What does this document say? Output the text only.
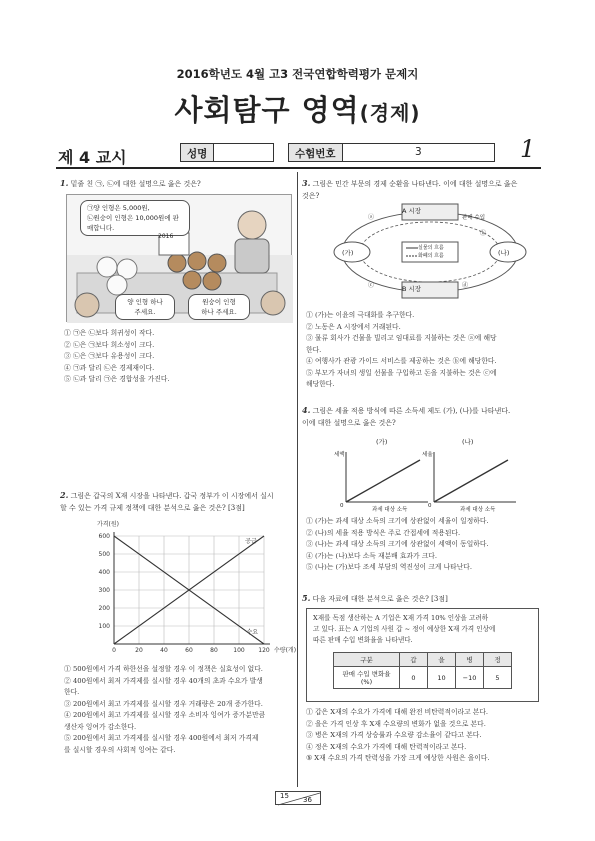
2016학년도 4월 고3 전국연합학력평가 문제지
사회탐구 영역(경제)
제 4 교시	성명	수험번호	3	1
1. 밑줄 친 ㉠, ㉡에 대한 설명으로 옳은 것은?
㉠양 인형은 5,000원,
㉡원숭이 인형은 10,000원에 판매합니다.
2016
양 인형 하나
주세요.
원숭이 인형
하나 주세요.
① ㉠은 ㉡보다 희귀성이 작다.
② ㉡은 ㉠보다 희소성이 크다.
③ ㉡은 ㉠보다 유용성이 크다.
④ ㉠과 달리 ㉡은 경제재이다.
⑤ ㉡과 달리 ㉠은 경합성을 가진다.
2. 그림은 갑국의 X재 시장을 나타낸다. 갑국 정부가 이 시장에서 실시
할 수 있는 가격 규제 정책에 대한 분석으로 옳은 것은? [3점]
100
200
300
400
500
600
0	20	40	60	80	100 120
가격(원)
수량(개)
공급
수요
① 500원에서 가격 하한선을 설정할 경우 이 정책은 실효성이 없다.
② 400원에서 최저 가격제를 실시할 경우 40개의 초과 수요가 발생
한다.
③ 200원에서 최고 가격제를 실시할 경우 거래량은 20개 증가한다.
④ 200원에서 최고 가격제를 실시할 경우 소비자 잉여가 증가분만큼
생산자 잉여가 감소한다.
⑤ 200원에서 최고 가격제를 실시할 경우 400원에서 최저 가격제
를 실시할 경우의 사회적 잉여는 같다.
3. 그림은 민간 부문의 경제 순환을 나타낸다. 이에 대한 설명으로 옳은
것은?
A 시장
B 시장
(가)	(나)
실물의 흐름
화폐의 흐름
판매 수입
ⓐ
ⓑ
ⓒ	ⓓ
① (가)는 이윤의 극대화를 추구한다.
② 노동은 A 시장에서 거래된다.
③ 물류 회사가 건물을 빌리고 임대료를 지불하는 것은 ⓐ에 해당
한다.
④ 여행사가 관광 가이드 서비스를 제공하는 것은 ⓑ에 해당한다.
⑤ 부모가 자녀의 생일 선물을 구입하고 돈을 지불하는 것은 ⓒ에
해당한다.
4. 그림은 세율 적용 방식에 따른 소득세 제도 (가), (나)를 나타낸다.
이에 대한 설명으로 옳은 것은?
(가)	(나)
세액	세율
0	0
과세 대상 소득	과세 대상 소득
① (가)는 과세 대상 소득의 크기에 상관없이 세율이 일정하다.
② (나)의 세율 적용 방식은 주로 간접세에 적용된다.
③ (나)는 과세 대상 소득의 크기에 상관없이 세액이 동일하다.
④ (가)는 (나)보다 소득 재분배 효과가 크다.
⑤ (나)는 (가)보다 조세 부담의 역진성이 크게 나타난다.
5. 다음 자료에 대한 분석으로 옳은 것은? [3점]
X재를 독점 생산하는 A 기업은 X재 가격 10% 인상을 고려하
고 있다. 표는 A 기업의 사원 갑 ~ 정이 예상한 X재 가격 인상에
따른 판매 수입 변화율을 나타낸다.
구분	갑	을	병	정
판매 수입 변화율(%)	0	10	−10	5
① 갑은 X재의 수요가 가격에 대해 완전 비탄력적이라고 본다.
② 을은 가격 인상 후 X재 수요량의 변화가 없을 것으로 본다.
③ 병은 X재의 가격 상승률과 수요량 감소율이 같다고 본다.
④ 정은 X재의 수요가 가격에 대해 탄력적이라고 본다.
⑤ X재 수요의 가격 탄력성을 가장 크게 예상한 사원은 을이다.
15 36
